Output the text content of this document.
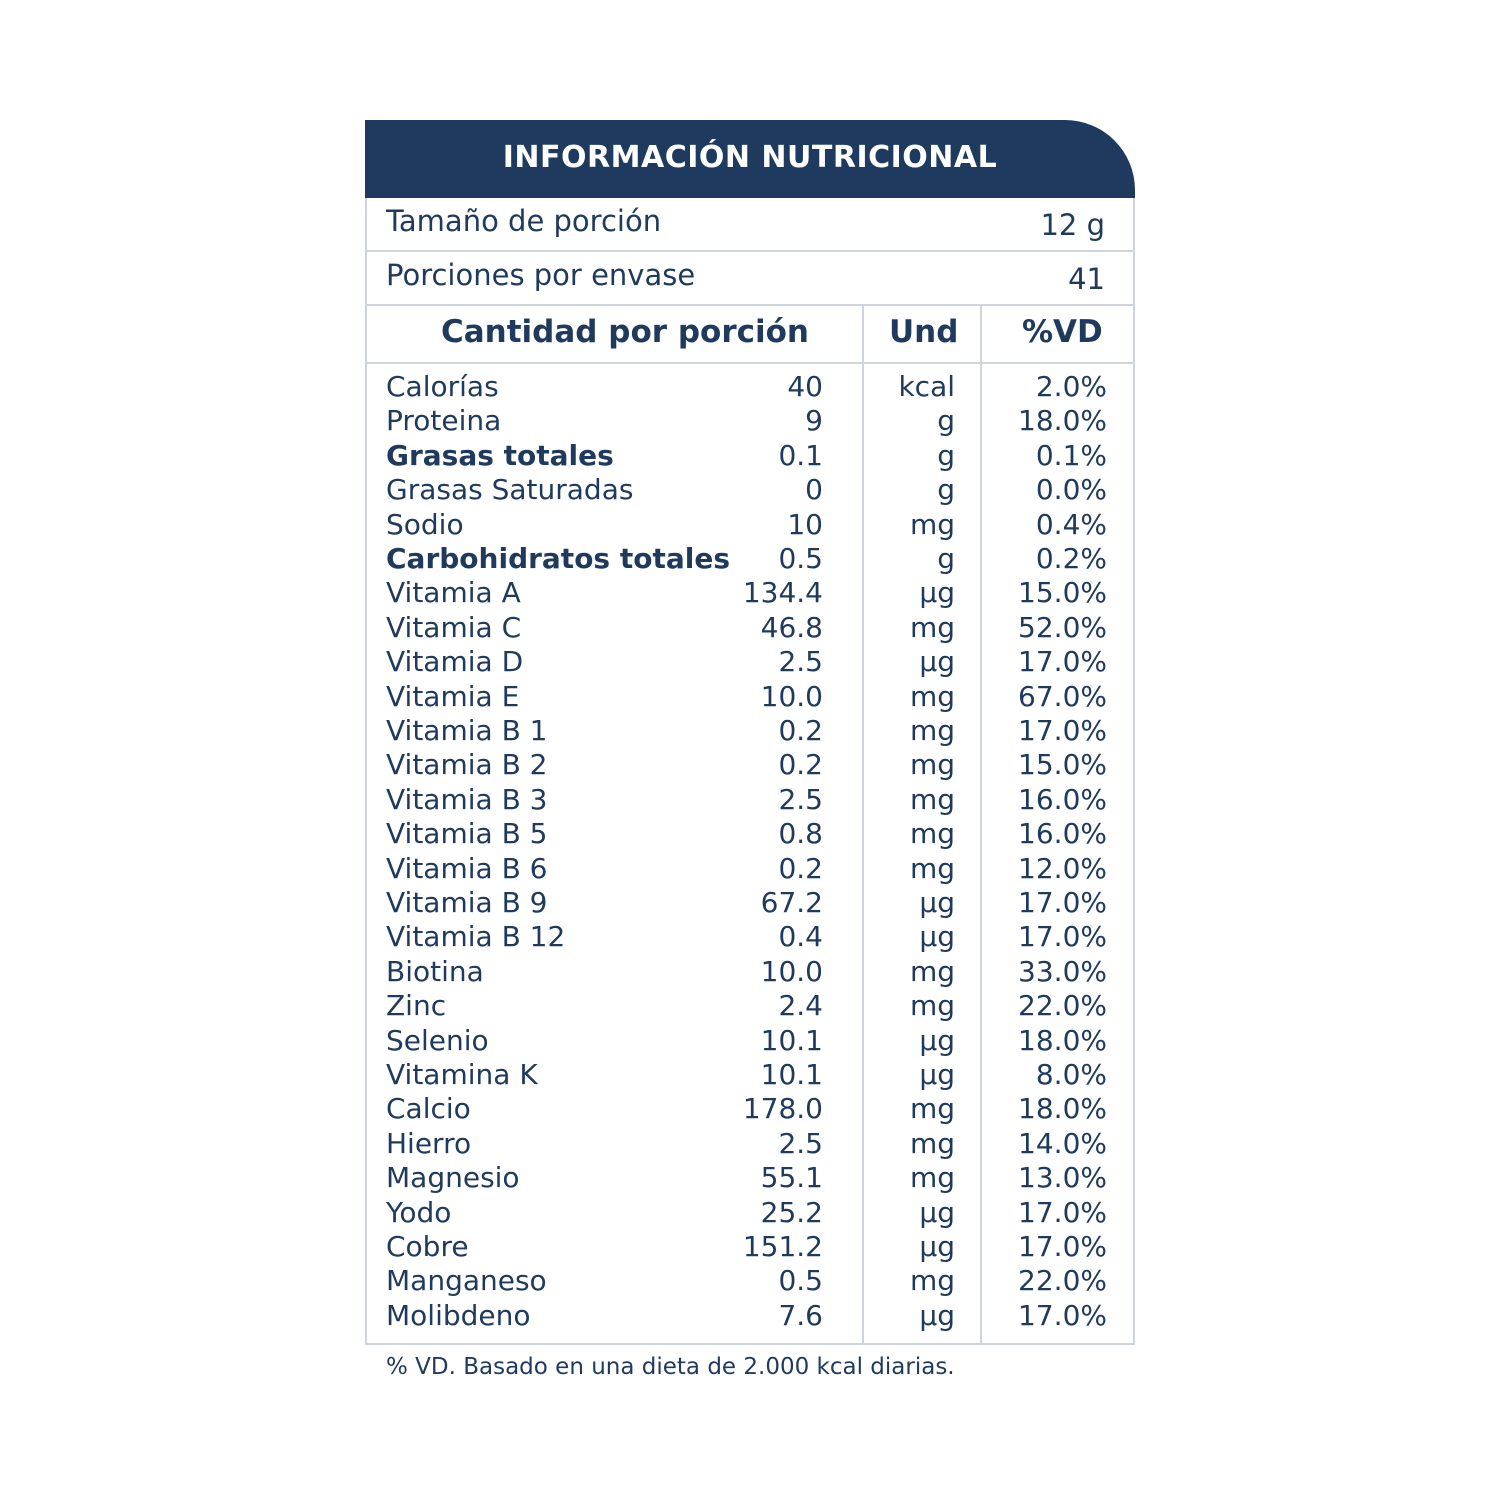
INFORMACIÓN NUTRICIONAL
Tamaño de porción	12 g
Porciones por envase	41
Cantidad por porción	Und %VD
Calorías	40	kcal	2.0%
Proteina	9	g 18.0%
Grasas totales	0.1	g	0.1%
Grasas Saturadas	0	g	0.0%
Sodio	10	mg	0.4%
Carbohidratos totales 0.5	g	0.2%
Vitamia A	134.4	µg 15.0%
Vitamia C	46.8	mg 52.0%
Vitamia D	2.5	µg 17.0%
Vitamia E	10.0	mg 67.0%
Vitamia B 1	0.2	mg 17.0%
Vitamia B 2	0.2	mg 15.0%
Vitamia B 3	2.5	mg 16.0%
Vitamia B 5	0.8	mg 16.0%
Vitamia B 6	0.2	mg 12.0%
Vitamia B 9	67.2	µg 17.0%
Vitamia B 12	0.4	µg 17.0%
Biotina	10.0	mg 33.0%
Zinc	2.4	mg 22.0%
Selenio	10.1	µg 18.0%
Vitamina K	10.1	µg	8.0%
Calcio	178.0	mg 18.0%
Hierro	2.5	mg 14.0%
Magnesio	55.1	mg 13.0%
Yodo	25.2	µg 17.0%
Cobre	151.2	µg 17.0%
Manganeso	0.5	mg 22.0%
Molibdeno	7.6	µg 17.0%
% VD. Basado en una dieta de 2.000 kcal diarias.
